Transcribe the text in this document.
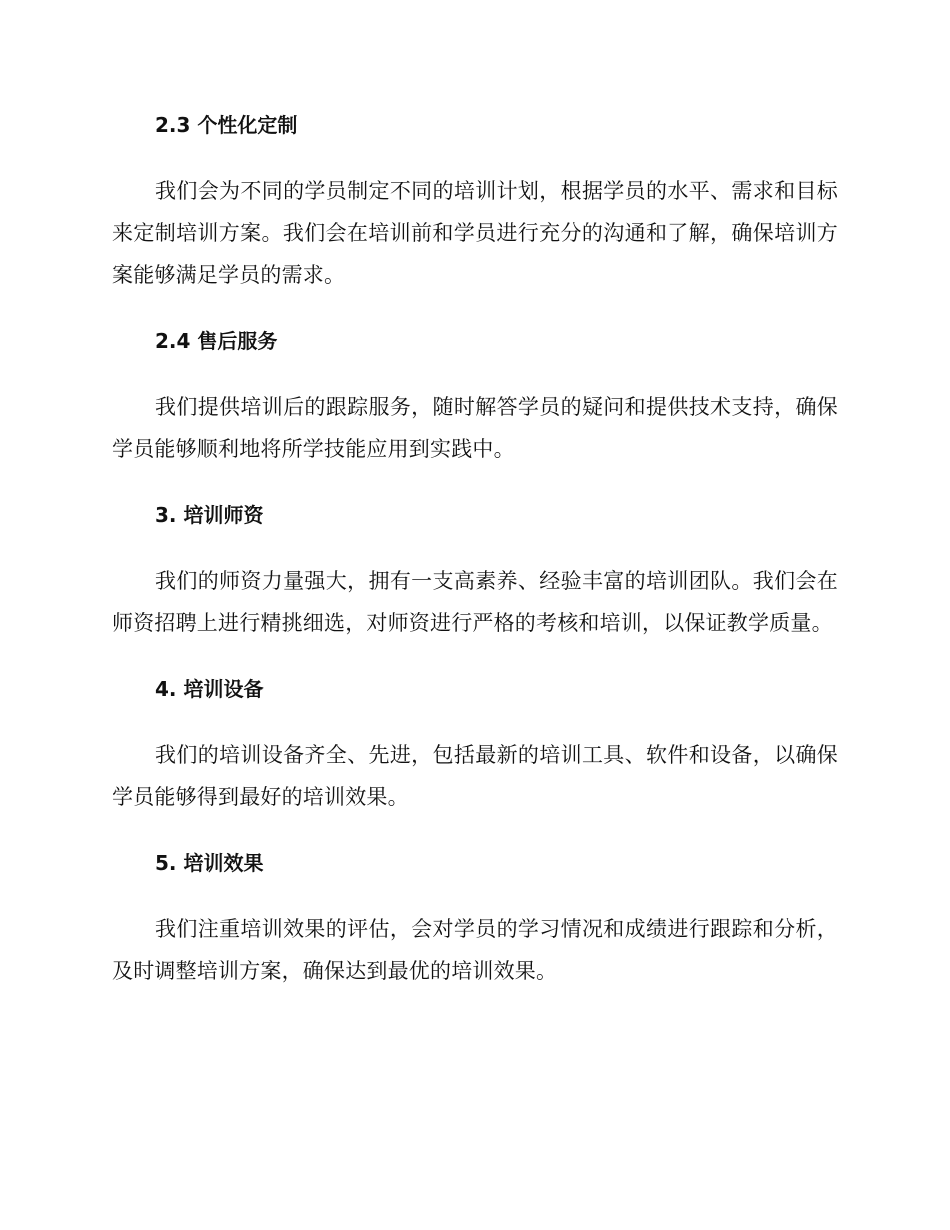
2.3 个性化定制

我们会为不同的学员制定不同的培训计划，根据学员的水平、需求和目标来定制培训方案。我们会在培训前和学员进行充分的沟通和了解，确保培训方案能够满足学员的需求。

2.4 售后服务

我们提供培训后的跟踪服务，随时解答学员的疑问和提供技术支持，确保学员能够顺利地将所学技能应用到实践中。

3. 培训师资

我们的师资力量强大，拥有一支高素养、经验丰富的培训团队。我们会在师资招聘上进行精挑细选，对师资进行严格的考核和培训，以保证教学质量。

4. 培训设备

我们的培训设备齐全、先进，包括最新的培训工具、软件和设备，以确保学员能够得到最好的培训效果。

5. 培训效果

我们注重培训效果的评估，会对学员的学习情况和成绩进行跟踪和分析，及时调整培训方案，确保达到最优的培训效果。
